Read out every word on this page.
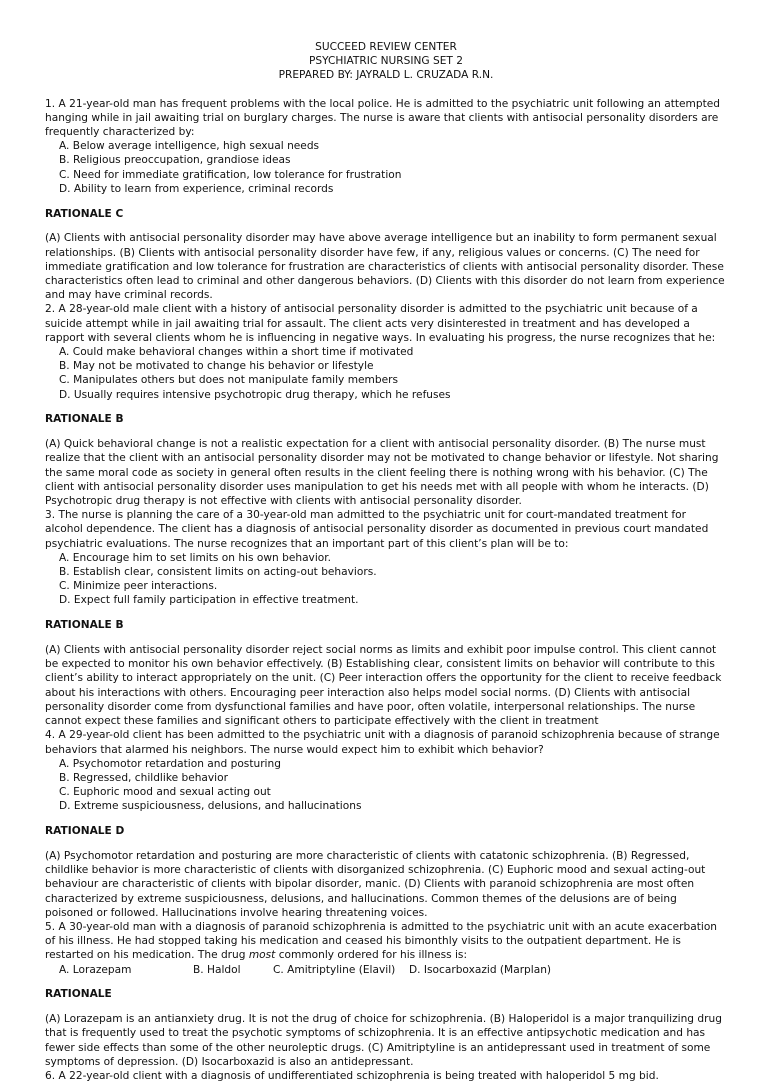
SUCCEED REVIEW CENTER
PSYCHIATRIC NURSING SET 2
PREPARED BY: JAYRALD L. CRUZADA R.N.

1. A 21-year-old man has frequent problems with the local police. He is admitted to the psychiatric unit following an attempted hanging while in jail awaiting trial on burglary charges. The nurse is aware that clients with antisocial personality disorders are frequently characterized by:

A. Below average intelligence, high sexual needs

B. Religious preoccupation, grandiose ideas

C. Need for immediate gratification, low tolerance for frustration

D. Ability to learn from experience, criminal records

RATIONALE C

(A) Clients with antisocial personality disorder may have above average intelligence but an inability to form permanent sexual relationships. (B) Clients with antisocial personality disorder have few, if any, religious values or concerns. (C) The need for immediate gratification and low tolerance for frustration are characteristics of clients with antisocial personality disorder. These characteristics often lead to criminal and other dangerous behaviors. (D) Clients with this disorder do not learn from experience and may have criminal records.

2. A 28-year-old male client with a history of antisocial personality disorder is admitted to the psychiatric unit because of a suicide attempt while in jail awaiting trial for assault. The client acts very disinterested in treatment and has developed a rapport with several clients whom he is influencing in negative ways. In evaluating his progress, the nurse recognizes that he:

A. Could make behavioral changes within a short time if motivated

B. May not be motivated to change his behavior or lifestyle

C. Manipulates others but does not manipulate family members

D. Usually requires intensive psychotropic drug therapy, which he refuses

RATIONALE B

(A) Quick behavioral change is not a realistic expectation for a client with antisocial personality disorder. (B) The nurse must realize that the client with an antisocial personality disorder may not be motivated to change behavior or lifestyle. Not sharing the same moral code as society in general often results in the client feeling there is nothing wrong with his behavior. (C) The client with antisocial personality disorder uses manipulation to get his needs met with all people with whom he interacts. (D) Psychotropic drug therapy is not effective with clients with antisocial personality disorder.

3. The nurse is planning the care of a 30-year-old man admitted to the psychiatric unit for court-mandated treatment for alcohol dependence. The client has a diagnosis of antisocial personality disorder as documented in previous court mandated psychiatric evaluations. The nurse recognizes that an important part of this client’s plan will be to:

A. Encourage him to set limits on his own behavior.

B. Establish clear, consistent limits on acting-out behaviors.

C. Minimize peer interactions.

D. Expect full family participation in effective treatment.

RATIONALE B

(A) Clients with antisocial personality disorder reject social norms as limits and exhibit poor impulse control. This client cannot be expected to monitor his own behavior effectively. (B) Establishing clear, consistent limits on behavior will contribute to this client’s ability to interact appropriately on the unit. (C) Peer interaction offers the opportunity for the client to receive feedback about his interactions with others. Encouraging peer interaction also helps model social norms. (D) Clients with antisocial personality disorder come from dysfunctional families and have poor, often volatile, interpersonal relationships. The nurse cannot expect these families and significant others to participate effectively with the client in treatment

4. A 29-year-old client has been admitted to the psychiatric unit with a diagnosis of paranoid schizophrenia because of strange behaviors that alarmed his neighbors. The nurse would expect him to exhibit which behavior?

A. Psychomotor retardation and posturing

B. Regressed, childlike behavior

C. Euphoric mood and sexual acting out

D. Extreme suspiciousness, delusions, and hallucinations

RATIONALE D

(A) Psychomotor retardation and posturing are more characteristic of clients with catatonic schizophrenia. (B) Regressed, childlike behavior is more characteristic of clients with disorganized schizophrenia. (C) Euphoric mood and sexual acting-out behaviour are characteristic of clients with bipolar disorder, manic. (D) Clients with paranoid schizophrenia are most often characterized by extreme suspiciousness, delusions, and hallucinations. Common themes of the delusions are of being poisoned or followed. Hallucinations involve hearing threatening voices.

5. A 30-year-old man with a diagnosis of paranoid schizophrenia is admitted to the psychiatric unit with an acute exacerbation of his illness. He had stopped taking his medication and ceased his bimonthly visits to the outpatient department. He is restarted on his medication. The drug most commonly ordered for his illness is:

A. Lorazepam	B. Haldol	C. Amitriptyline (Elavil)	D. Isocarboxazid (Marplan)

RATIONALE

(A) Lorazepam is an antianxiety drug. It is not the drug of choice for schizophrenia. (B) Haloperidol is a major tranquilizing drug that is frequently used to treat the psychotic symptoms of schizophrenia. It is an effective antipsychotic medication and has fewer side effects than some of the other neuroleptic drugs. (C) Amitriptyline is an antidepressant used in treatment of some symptoms of depression. (D) Isocarboxazid is also an antidepressant.

6. A 22-year-old client with a diagnosis of undifferentiated schizophrenia is being treated with haloperidol 5 mg bid.
